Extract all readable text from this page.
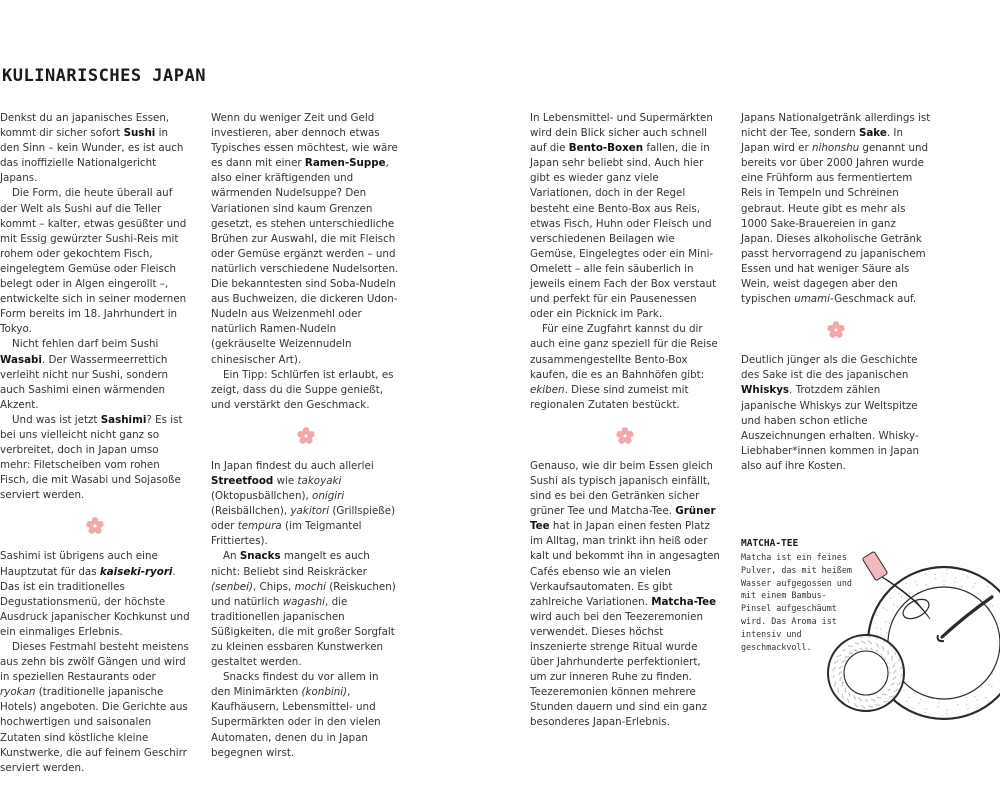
KULINARISCHES JAPAN

Denkst du an japanisches Essen, kommt dir sicher sofort Sushi in den Sinn – kein Wunder, es ist auch das inoffizielle Nationalgericht Japans.

Die Form, die heute überall auf der Welt als Sushi auf die Teller kommt – kalter, etwas gesüßter und mit Essig gewürzter Sushi-Reis mit rohem oder gekochtem Fisch, eingelegtem Gemüse oder Fleisch belegt oder in Algen eingerollt –, entwickelte sich in seiner modernen Form bereits im 18. Jahrhundert in Tokyo.

Nicht fehlen darf beim Sushi Wasabi. Der Wassermeerrettich verleiht nicht nur Sushi, sondern auch Sashimi einen wärmenden Akzent.

Und was ist jetzt Sashimi? Es ist bei uns vielleicht nicht ganz so verbreitet, doch in Japan umso mehr: Filetscheiben vom rohen Fisch, die mit Wasabi und Sojasoße serviert werden.

Sashimi ist übrigens auch eine Hauptzutat für das kaiseki-ryori. Das ist ein traditionelles Degustationsmenü, der höchste Ausdruck japanischer Kochkunst und ein einmaliges Erlebnis.

Dieses Festmahl besteht meistens aus zehn bis zwölf Gängen und wird in speziellen Restaurants oder ryokan (traditionelle japanische Hotels) angeboten. Die Gerichte aus hochwertigen und saisonalen Zutaten sind köstliche kleine Kunstwerke, die auf feinem Geschirr serviert werden.

Wenn du weniger Zeit und Geld investieren, aber dennoch etwas Typisches essen möchtest, wie wäre es dann mit einer Ramen-Suppe, also einer kräftigenden und wärmenden Nudelsuppe? Den Variationen sind kaum Grenzen gesetzt, es stehen unterschiedliche Brühen zur Auswahl, die mit Fleisch oder Gemüse ergänzt werden – und natürlich verschiedene Nudelsorten. Die bekanntesten sind Soba-Nudeln aus Buchweizen, die dickeren Udon-Nudeln aus Weizenmehl oder natürlich Ramen-Nudeln (gekräuselte Weizennudeln chinesischer Art).

Ein Tipp: Schlürfen ist erlaubt, es zeigt, dass du die Suppe genießt, und verstärkt den Geschmack.

In Japan findest du auch allerlei Streetfood wie takoyaki (Oktopusbällchen), onigiri (Reisbällchen), yakitori (Grillspieße) oder tempura (im Teigmantel Frittiertes).

An Snacks mangelt es auch nicht: Beliebt sind Reiskräcker (senbei), Chips, mochi (Reiskuchen) und natürlich wagashi, die traditionellen japanischen Süßigkeiten, die mit großer Sorgfalt zu kleinen essbaren Kunstwerken gestaltet werden.

Snacks findest du vor allem in den Minimärkten (konbini), Kaufhäusern, Lebensmittel- und Supermärkten oder in den vielen Automaten, denen du in Japan begegnen wirst.

In Lebensmittel- und Supermärkten wird dein Blick sicher auch schnell auf die Bento-Boxen fallen, die in Japan sehr beliebt sind. Auch hier gibt es wieder ganz viele Variationen, doch in der Regel besteht eine Bento-Box aus Reis, etwas Fisch, Huhn oder Fleisch und verschiedenen Beilagen wie Gemüse, Eingelegtes oder ein Mini-Omelett – alle fein säuberlich in jeweils einem Fach der Box verstaut und perfekt für ein Pausenessen oder ein Picknick im Park.

Für eine Zugfahrt kannst du dir auch eine ganz speziell für die Reise zusammengestellte Bento-Box kaufen, die es an Bahnhöfen gibt: ekiben. Diese sind zumeist mit regionalen Zutaten bestückt.

Genauso, wie dir beim Essen gleich Sushi als typisch japanisch einfällt, sind es bei den Getränken sicher grüner Tee und Matcha-Tee. Grüner Tee hat in Japan einen festen Platz im Alltag, man trinkt ihn heiß oder kalt und bekommt ihn in angesagten Cafés ebenso wie an vielen Verkaufsautomaten. Es gibt zahlreiche Variationen. Matcha-Tee wird auch bei den Teezeremonien verwendet. Dieses höchst inszenierte strenge Ritual wurde über Jahrhunderte perfektioniert, um zur inneren Ruhe zu finden. Teezeremonien können mehrere Stunden dauern und sind ein ganz besonderes Japan-Erlebnis.

Japans Nationalgetränk allerdings ist nicht der Tee, sondern Sake. In Japan wird er nihonshu genannt und bereits vor über 2000 Jahren wurde eine Frühform aus fermentiertem Reis in Tempeln und Schreinen gebraut. Heute gibt es mehr als 1000 Sake-Brauereien in ganz Japan. Dieses alkoholische Getränk passt hervorragend zu japanischem Essen und hat weniger Säure als Wein, weist dagegen aber den typischen umami-Geschmack auf.

Deutlich jünger als die Geschichte des Sake ist die des japanischen Whiskys. Trotzdem zählen japanische Whiskys zur Weltspitze und haben schon etliche Auszeichnungen erhalten. Whisky-Liebhaber*innen kommen in Japan also auf ihre Kosten.

MATCHA-TEE
Matcha ist ein feines Pulver, das mit heißem Wasser aufgegossen und mit einem Bambus-Pinsel aufgeschäumt wird. Das Aroma ist intensiv und geschmackvoll.
